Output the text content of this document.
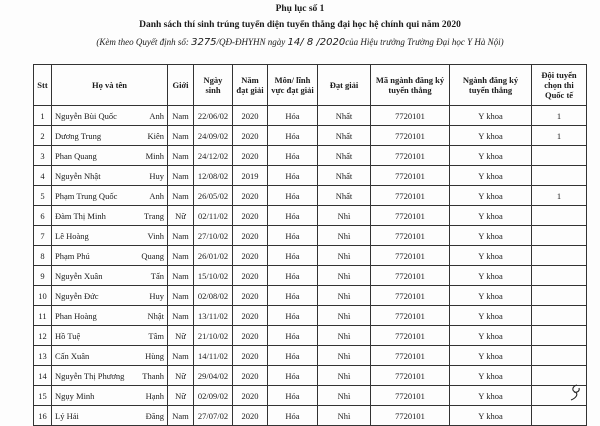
Phụ lục số 1
Danh sách thí sinh trúng tuyển diện tuyển thẳng đại học hệ chính qui năm 2020
(Kèm theo Quyết định số: 3275/QĐ-ĐHYHN ngày 14/ 8 /2020của Hiệu trưởng Trường Đại học Y Hà Nội)
Stt	Họ và tên	Giới	Ngày sinh	Năm đạt giải	Môn/ lĩnh vực đạt giải	Đạt giải	Mã ngành đăng ký tuyển thẳng	Ngành đăng ký tuyển thẳng	Đội tuyển chọn thi Quốc tế
1	Nguyễn Bùi Quốc Anh	Nam	22/06/02	2020	Hóa	Nhất	7720101	Y khoa	1
2	Dương Trung Kiên	Nam	24/09/02	2020	Hóa	Nhất	7720101	Y khoa	1
3	Phan Quang Minh	Nam	24/12/02	2020	Hóa	Nhất	7720101	Y khoa	
4	Nguyễn Nhật Huy	Nam	12/08/02	2019	Hóa	Nhất	7720101	Y khoa	
5	Phạm Trung Quốc Anh	Nam	26/05/02	2020	Hóa	Nhất	7720101	Y khoa	1
6	Đàm Thị Minh Trang	Nữ	02/11/02	2020	Hóa	Nhì	7720101	Y khoa	
7	Lê Hoàng Vinh	Nam	27/10/02	2020	Hóa	Nhì	7720101	Y khoa	
8	Phạm Phú Quang	Nam	26/01/02	2020	Hóa	Nhì	7720101	Y khoa	
9	Nguyễn Xuân Tấn	Nam	15/10/02	2020	Hóa	Nhì	7720101	Y khoa	
10	Nguyễn Đức Huy	Nam	02/08/02	2020	Hóa	Nhì	7720101	Y khoa	
11	Phan Hoàng Nhật	Nam	13/11/02	2020	Hóa	Nhì	7720101	Y khoa	
12	Hồ Tuệ Tâm	Nữ	21/10/02	2020	Hóa	Nhì	7720101	Y khoa	
13	Cấn Xuân Hùng	Nam	14/11/02	2020	Hóa	Nhì	7720101	Y khoa	
14	Nguyễn Thị Phương Thanh	Nữ	29/04/02	2020	Hóa	Nhì	7720101	Y khoa	
15	Ngụy Minh Hạnh	Nữ	02/09/02	2020	Hóa	Nhì	7720101	Y khoa	
16	Lý Hải Đăng	Nam	27/07/02	2020	Hóa	Nhì	7720101	Y khoa	
